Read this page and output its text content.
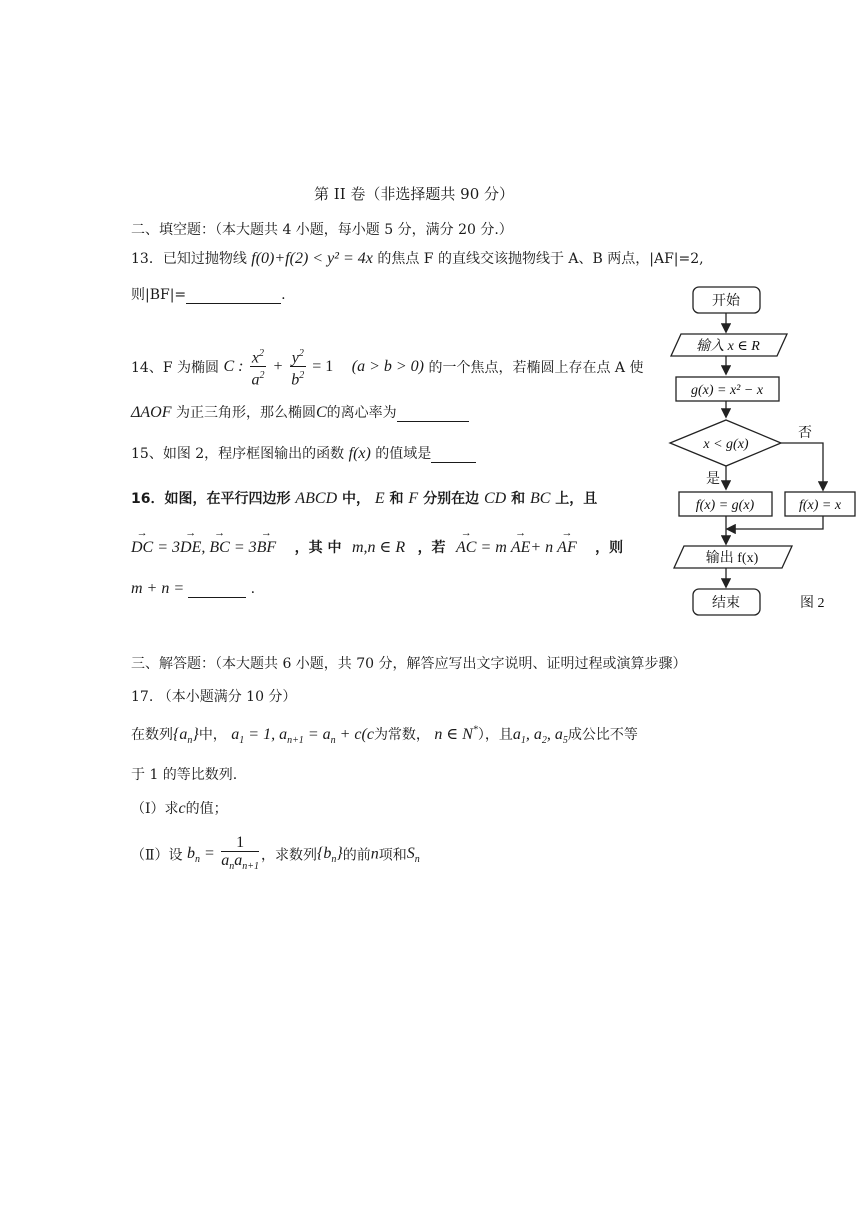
第 II 卷（非选择题共 90 分）
二、填空题：（本大题共 4 小题，每小题 5 分，满分 20 分.）
13．已知过抛物线 f(0)+f(2) < y² = 4x 的焦点 F 的直线交该抛物线于 A、B 两点，|AF|=2,
则|BF|=	.
14、F 为椭圆 C : $\frac{x^2}{a^2} + \frac{y^2}{b^2} = 1$ (a > b > 0) 的一个焦点，若椭圆上存在点 A 使
ΔAOF 为正三角形，那么椭圆C的离心率为
15、如图 2，程序框图输出的函数 f(x) 的值域是
16．如图，在平行四边形 ABCD 中， E 和 F 分别在边 CD 和 BC 上，且
→ DC = 3→ DE, → BC = 3→ BF ，其 中 m,n ∈ R ，若 → AC = m → AE+ n → AF ，则
m + n =	.
开始
输入 x ∈ R
g(x) = x² − x
x < g(x)
否
是
f(x) = g(x)	f(x) = x
输出 f(x)
结束	图 2
三、解答题：（本大题共 6 小题，共 70 分，解答应写出文字说明、证明过程或演算步骤）
17. （本小题满分 10 分）
在数列$\{a_n\}$中， $a_1 = 1$, $a_{n+1} = a_n + c(c$为常数， n ∈ N*），且$a_1$, $a_2$, $a_5$成公比不等
于 1 的等比数列.
（Ⅰ）求c的值；
（Ⅱ）设 $b_n = \frac{1}{a_na_{n+1}}$ ，求数列$\{b_n\}$的前n项和$S_n$
